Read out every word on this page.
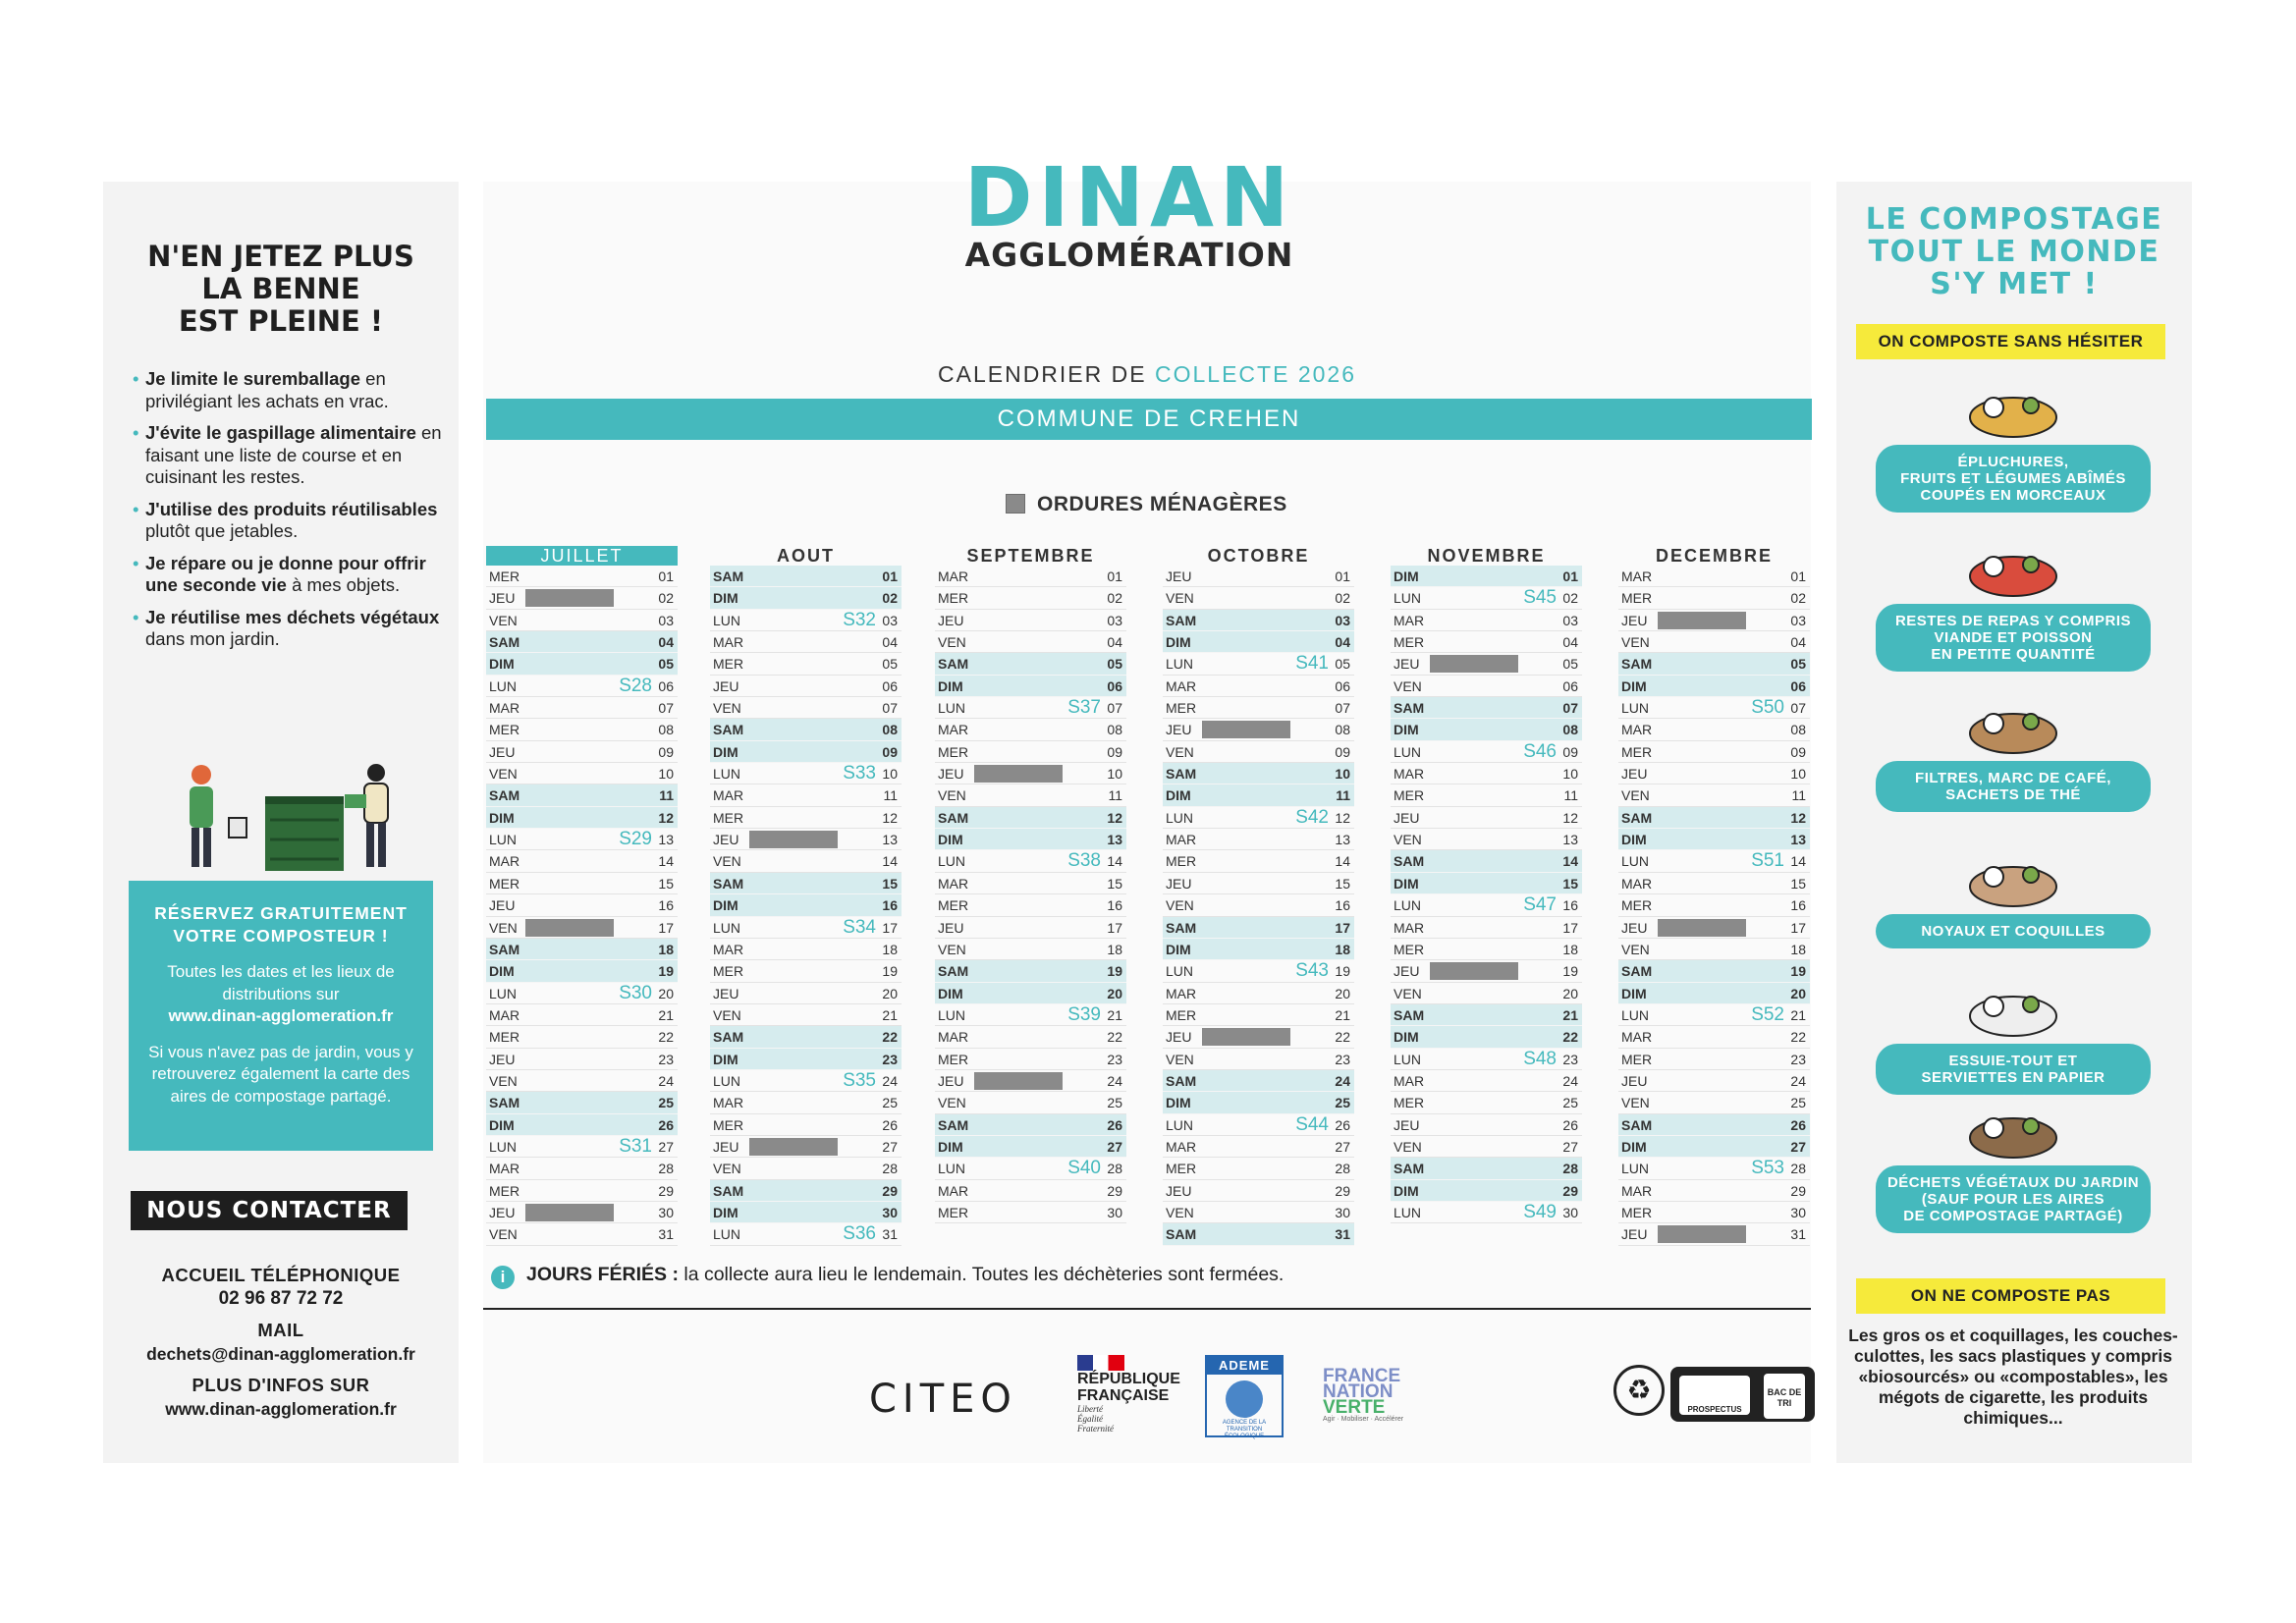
N'EN JETEZ PLUS
LA BENNE
EST PLEINE !
• Je limite le suremballage en privilégiant les achats en vrac.
• J'évite le gaspillage alimentaire en faisant une liste de course et en cuisinant les restes.
• J'utilise des produits réutilisables plutôt que jetables.
• Je répare ou je donne pour offrir une seconde vie à mes objets.
• Je réutilise mes déchets végétaux dans mon jardin.
RÉSERVEZ GRATUITEMENT
VOTRE COMPOSTEUR !

Toutes les dates et les lieux de distributions sur
www.dinan-agglomeration.fr

Si vous n'avez pas de jardin, vous y retrouverez également la carte des aires de compostage partagé.

NOUS CONTACTER
ACCUEIL TÉLÉPHONIQUE
02 96 87 72 72
MAIL
dechets@dinan-agglomeration.fr
PLUS D'INFOS SUR
www.dinan-agglomeration.fr
DINAN
AGGLOMÉRATION
CALENDRIER DE COLLECTE 2026
COMMUNE DE CREHEN
ORDURES MÉNAGÈRES
JUILLET
MER	01
JEU	02
VEN	03
SAM	04
DIM	05
LUN	S28 06
MAR	07
MER	08
JEU	09
VEN	10
SAM	11
DIM	12
LUN	S29 13
MAR	14
MER	15
JEU	16
VEN	17
SAM	18
DIM	19
LUN	S30 20
MAR	21
MER	22
JEU	23
VEN	24
SAM	25
DIM	26
LUN	S31 27
MAR	28
MER	29
JEU	30
VEN	31
AOUT
SAM	01
DIM	02
LUN	S32 03
MAR	04
MER	05
JEU	06
VEN	07
SAM	08
DIM	09
LUN	S33 10
MAR	11
MER	12
JEU	13
VEN	14
SAM	15
DIM	16
LUN	S34 17
MAR	18
MER	19
JEU	20
VEN	21
SAM	22
DIM	23
LUN	S35 24
MAR	25
MER	26
JEU	27
VEN	28
SAM	29
DIM	30
LUN	S36 31
SEPTEMBRE
MAR	01
MER	02
JEU	03
VEN	04
SAM	05
DIM	06
LUN	S37 07
MAR	08
MER	09
JEU	10
VEN	11
SAM	12
DIM	13
LUN	S38 14
MAR	15
MER	16
JEU	17
VEN	18
SAM	19
DIM	20
LUN	S39 21
MAR	22
MER	23
JEU	24
VEN	25
SAM	26
DIM	27
LUN	S40 28
MAR	29
MER	30
OCTOBRE
JEU	01
VEN	02
SAM	03
DIM	04
LUN	S41 05
MAR	06
MER	07
JEU	08
VEN	09
SAM	10
DIM	11
LUN	S42 12
MAR	13
MER	14
JEU	15
VEN	16
SAM	17
DIM	18
LUN	S43 19
MAR	20
MER	21
JEU	22
VEN	23
SAM	24
DIM	25
LUN	S44 26
MAR	27
MER	28
JEU	29
VEN	30
SAM	31
NOVEMBRE
DIM	01
LUN	S45 02
MAR	03
MER	04
JEU	05
VEN	06
SAM	07
DIM	08
LUN	S46 09
MAR	10
MER	11
JEU	12
VEN	13
SAM	14
DIM	15
LUN	S47 16
MAR	17
MER	18
JEU	19
VEN	20
SAM	21
DIM	22
LUN	S48 23
MAR	24
MER	25
JEU	26
VEN	27
SAM	28
DIM	29
LUN	S49 30
DECEMBRE
MAR	01
MER	02
JEU	03
VEN	04
SAM	05
DIM	06
LUN	S50 07
MAR	08
MER	09
JEU	10
VEN	11
SAM	12
DIM	13
LUN	S51 14
MAR	15
MER	16
JEU	17
VEN	18
SAM	19
DIM	20
LUN	S52 21
MAR	22
MER	23
JEU	24
VEN	25
SAM	26
DIM	27
LUN	S53 28
MAR	29
MER	30
JEU	31
i JOURS FÉRIÉS : la collecte aura lieu le lendemain. Toutes les déchèteries sont fermées.
CITEO	RÉPUBLIQUE
FRANÇAISE
Liberté
Égalité
Fraternité
ADEME
AGENCE DE LA TRANSITION ÉCOLOGIQUE
FRANCE
NATION
VERTE
Agir · Mobiliser · Accélérer
♻
PROSPECTUS
BAC DE TRI
LE COMPOSTAGE
TOUT LE MONDE
S'Y MET !
ON COMPOSTE SANS HÉSITER
ÉPLUCHURES,
FRUITS ET LÉGUMES ABÎMÉS
COUPÉS EN MORCEAUX
RESTES DE REPAS Y COMPRIS
VIANDE ET POISSON
EN PETITE QUANTITÉ
FILTRES, MARC DE CAFÉ,
SACHETS DE THÉ
NOYAUX ET COQUILLES
ESSUIE-TOUT ET
SERVIETTES EN PAPIER
DÉCHETS VÉGÉTAUX DU JARDIN
(SAUF POUR LES AIRES
DE COMPOSTAGE PARTAGÉ)
ON NE COMPOSTE PAS
Les gros os et coquillages, les couches-culottes, les sacs plastiques y compris «biosourcés» ou «compostables», les mégots de cigarette, les produits chimiques...
